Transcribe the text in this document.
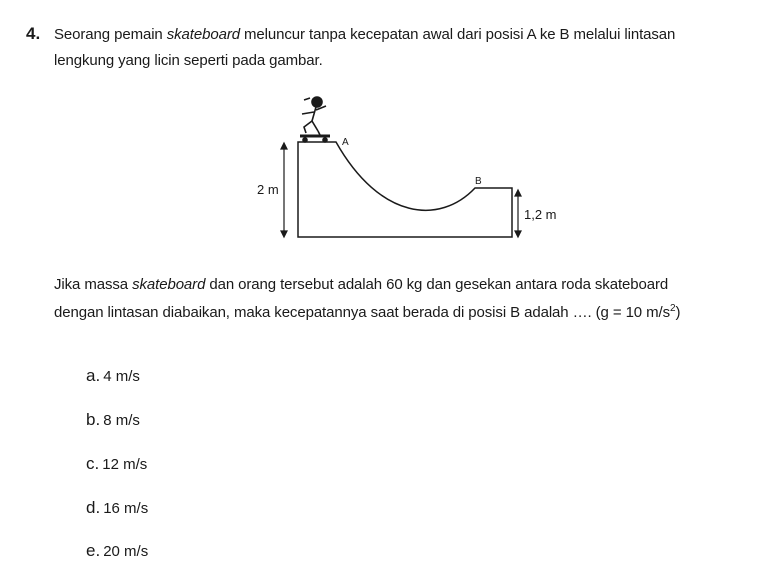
4. Seorang pemain skateboard meluncur tanpa kecepatan awal dari posisi A ke B melalui lintasan
lengkung yang licin seperti pada gambar.
A
B
2 m
1,2 m
Jika massa skateboard dan orang tersebut adalah 60 kg dan gesekan antara roda skateboard
dengan lintasan diabaikan, maka kecepatannya saat berada di posisi B adalah …. (g = 10 $m/s^2$)
a. 4 m/s
b. 8 m/s
c. 12 m/s
d. 16 m/s
e. 20 m/s
